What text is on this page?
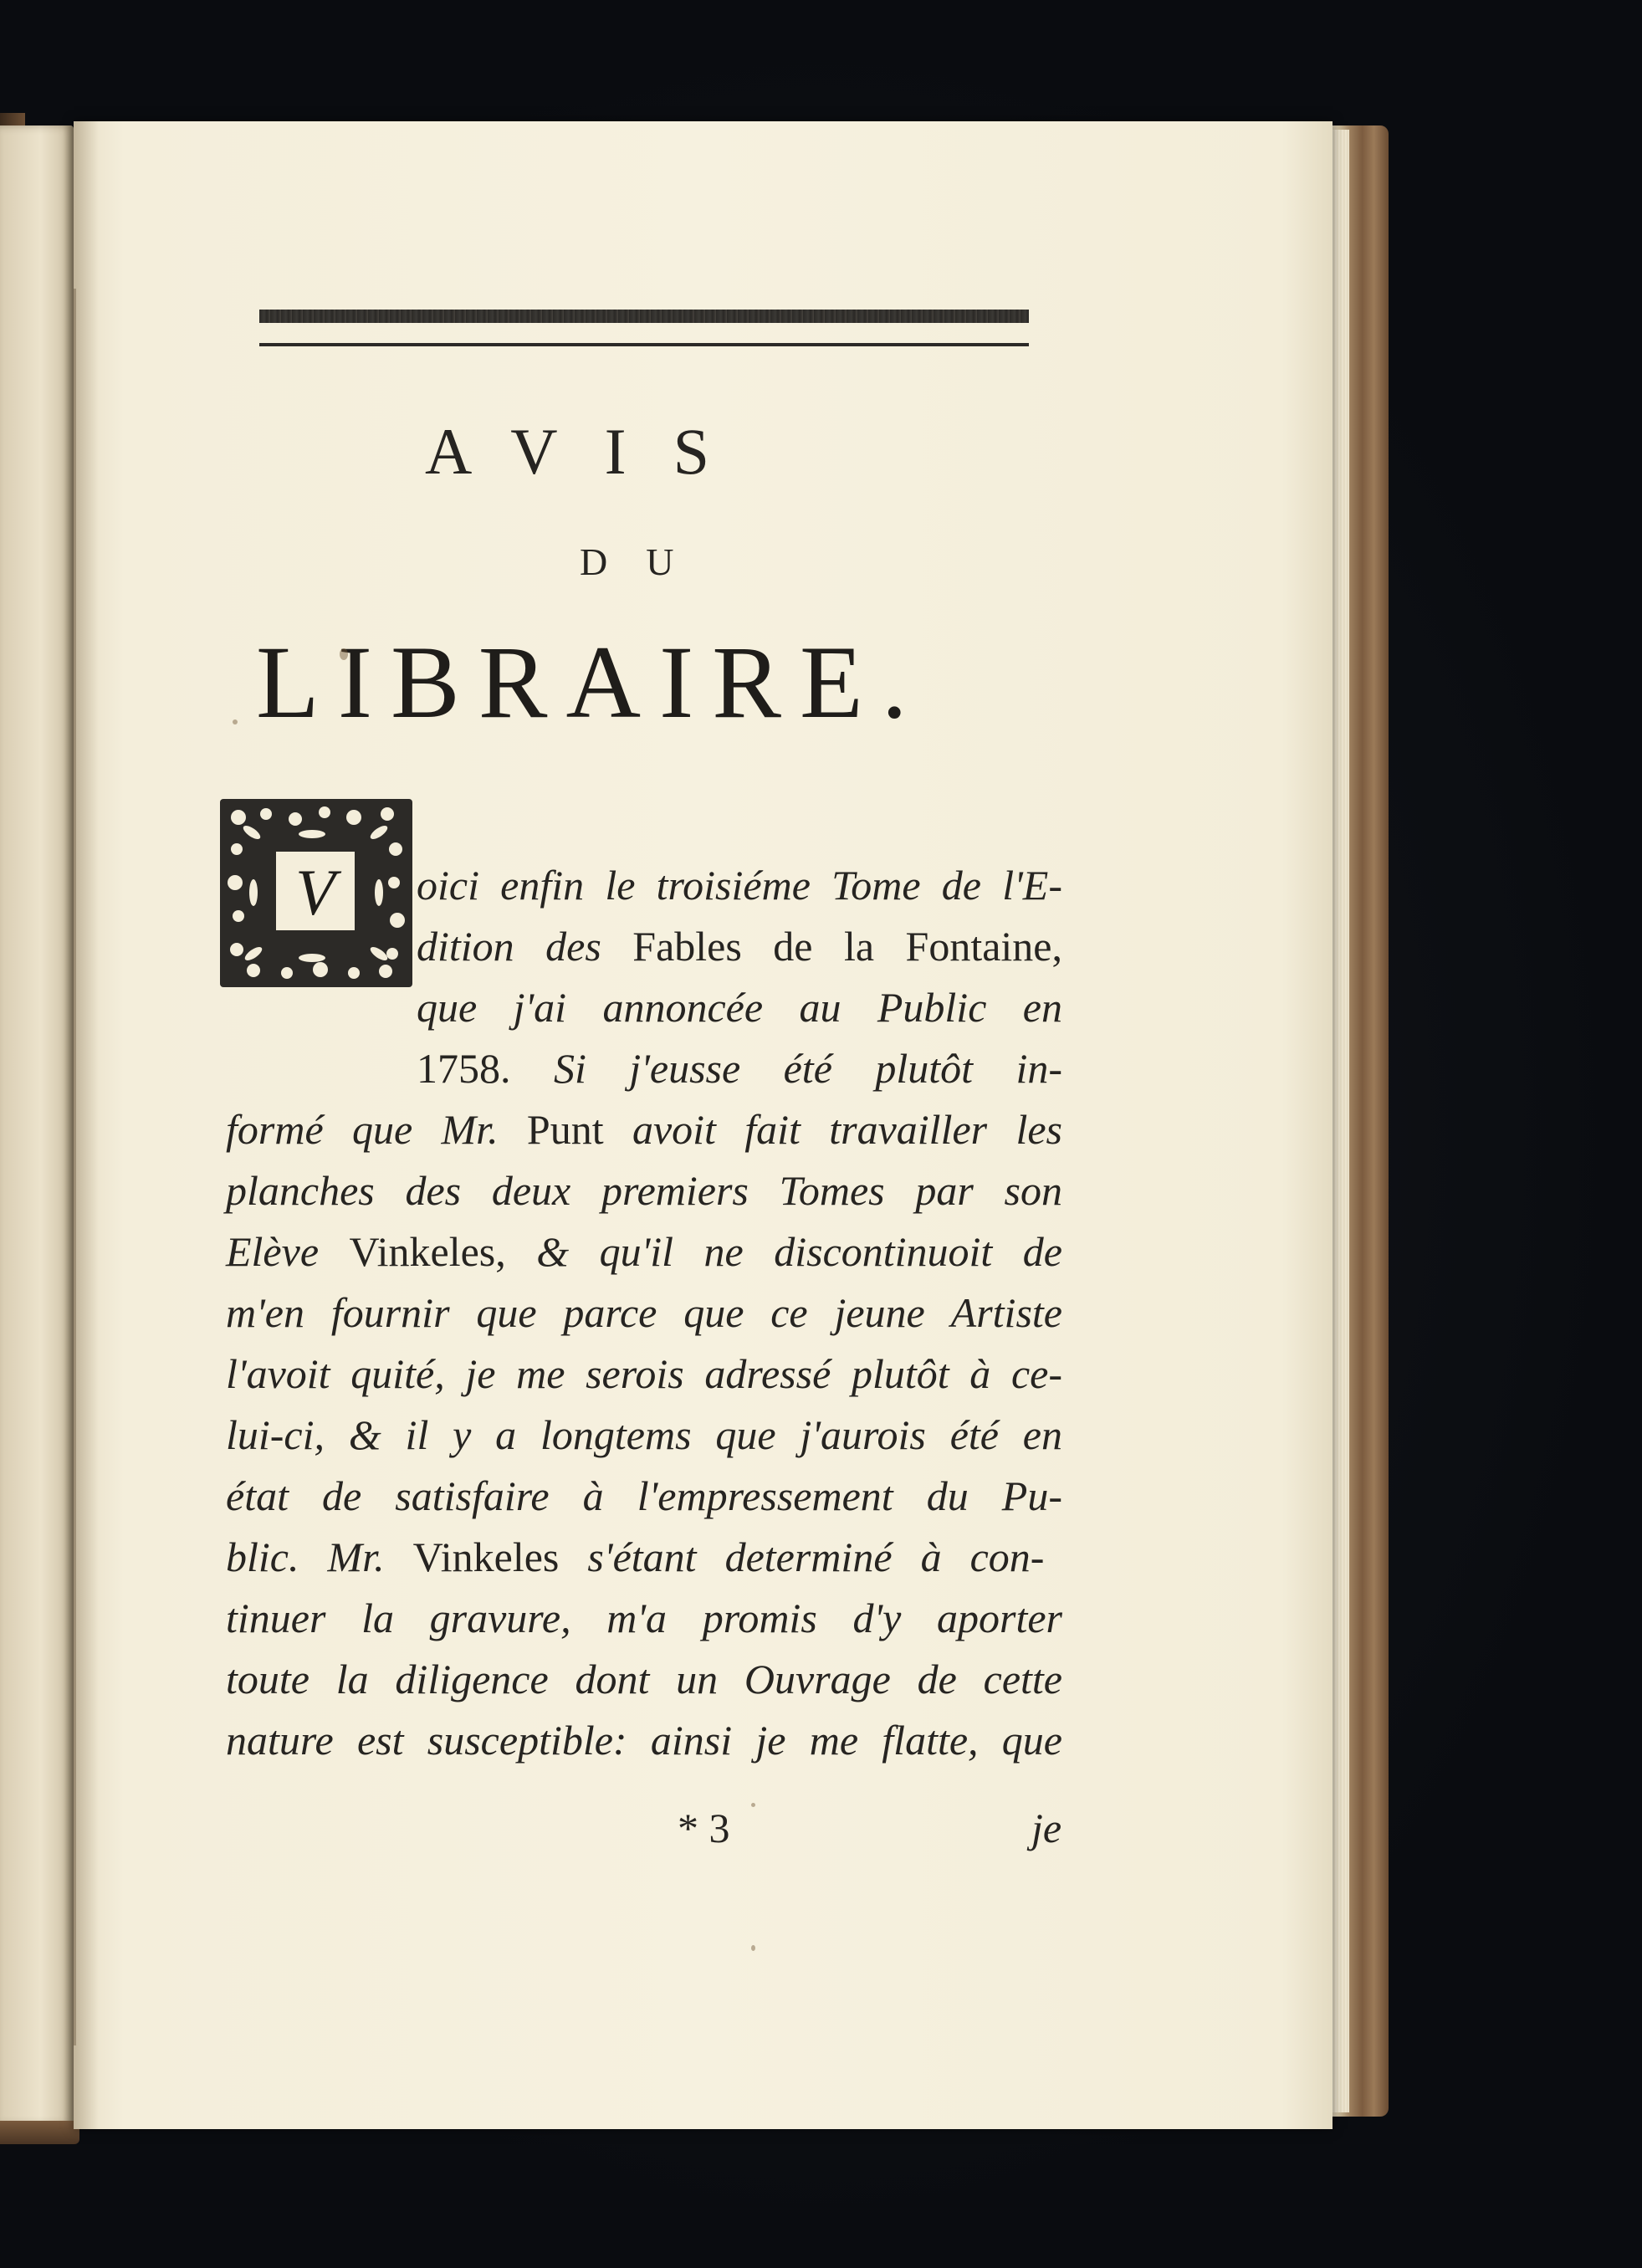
AVIS
DU
LIBRAIRE.
V	oici enfin le troisiéme Tome de l'E-
dition des Fables de la Fontaine,
que j'ai annoncée au Public en
1758. Si j'eusse été plutôt in-
formé que Mr. Punt avoit fait travailler les
planches des deux premiers Tomes par son
Elève Vinkeles, & qu'il ne discontinuoit de
m'en fournir que parce que ce jeune Artiste
l'avoit quité, je me serois adressé plutôt à ce-
lui-ci, & il y a longtems que j'aurois été en
état de satisfaire à l'empressement du Pu-
blic. Mr. Vinkeles s'étant determiné à con-
tinuer la gravure, m'a promis d'y aporter
toute la diligence dont un Ouvrage de cette
nature est susceptible: ainsi je me flatte, que
* 3	je
